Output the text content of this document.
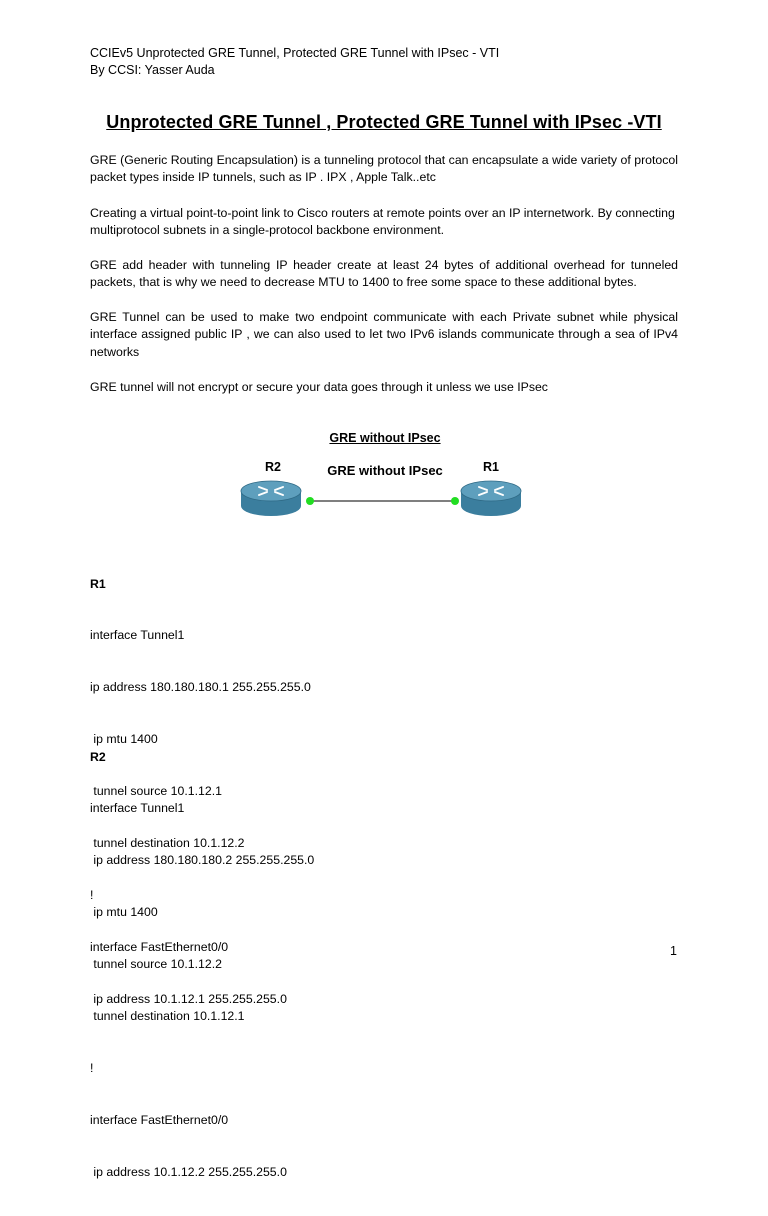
CCIEv5 Unprotected GRE Tunnel, Protected GRE Tunnel with IPsec - VTI
By CCSI: Yasser Auda
Unprotected GRE Tunnel , Protected GRE Tunnel with IPsec -VTI
GRE (Generic Routing Encapsulation) is a tunneling protocol that can encapsulate a wide variety of protocol packet types inside IP tunnels, such as IP . IPX , Apple Talk..etc
Creating a virtual point-to-point link to Cisco routers at remote points over an IP internetwork. By connecting multiprotocol subnets in a single-protocol backbone environment.
GRE add header with tunneling IP header create at least 24 bytes of additional overhead for tunneled packets, that is why we need to decrease MTU to 1400 to free some space to these additional bytes.
GRE Tunnel can be used to make two endpoint communicate with each Private subnet while physical interface assigned public IP , we can also used to let two IPv6 islands communicate through a sea of IPv4 networks
GRE tunnel will not encrypt or secure your data goes through it unless we use IPsec
GRE without IPsec
GRE without IPsec
R2	R1

R1

interface Tunnel1

ip address 180.180.180.1 255.255.255.0

ip mtu 1400

tunnel source 10.1.12.1

tunnel destination 10.1.12.2

!

interface FastEthernet0/0

ip address 10.1.12.1 255.255.255.0

R2

interface Tunnel1

ip address 180.180.180.2 255.255.255.0

ip mtu 1400

tunnel source 10.1.12.2

tunnel destination 10.1.12.1

!

interface FastEthernet0/0

ip address 10.1.12.2 255.255.255.0

1
